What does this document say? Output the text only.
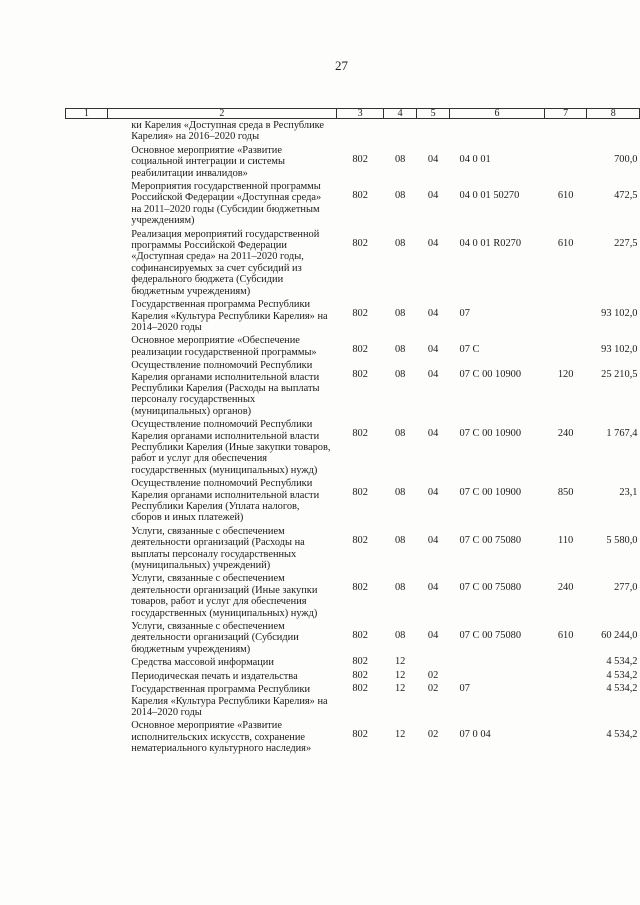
27
1	2	3	4	5	6	7	8
	ки Карелия «Доступная среда в Республике Карелия» на 2016–2020 годы						
	Основное мероприятие «Развитие социальной интеграции и системы реабилитации инвалидов»	802	08	04	04 0 01		700,0
	Мероприятия государственной программы Российской Федерации «Доступная среда» на 2011–2020 годы (Субсидии бюджетным учреждениям)	802	08	04	04 0 01 50270	610	472,5
	Реализация мероприятий государственной программы Российской Федерации «Доступная среда» на 2011–2020 годы, софинансируемых за счет субсидий из федерального бюджета (Субсидии бюджетным учреждениям)	802	08	04	04 0 01 R0270	610	227,5
	Государственная программа Республики Карелия «Культура Республики Карелия» на 2014–2020 годы	802	08	04	07		93 102,0
	Основное мероприятие «Обеспечение реализации государственной программы»	802	08	04	07 С		93 102,0
	Осуществление полномочий Республики Карелия органами исполнительной власти Республики Карелия (Расходы на выплаты персоналу государственных (муниципальных) органов)	802	08	04	07 С 00 10900	120	25 210,5
	Осуществление полномочий Республики Карелия органами исполнительной власти Республики Карелия (Иные закупки товаров, работ и услуг для обеспечения государственных (муниципальных) нужд)	802	08	04	07 С 00 10900	240	1 767,4
	Осуществление полномочий Республики Карелия органами исполнительной власти Республики Карелия (Уплата налогов, сборов и иных платежей)	802	08	04	07 С 00 10900	850	23,1
	Услуги, связанные с обеспечением деятельности организаций (Расходы на выплаты персоналу государственных (муниципальных) учреждений)	802	08	04	07 С 00 75080	110	5 580,0
	Услуги, связанные с обеспечением деятельности организаций (Иные закупки товаров, работ и услуг для обеспечения государственных (муниципальных) нужд)	802	08	04	07 С 00 75080	240	277,0
	Услуги, связанные с обеспечением деятельности организаций (Субсидии бюджетным учреждениям)	802	08	04	07 С 00 75080	610	60 244,0
	Средства массовой информации	802	12				4 534,2
	Периодическая печать и издательства	802	12	02			4 534,2
	Государственная программа Республики Карелия «Культура Республики Карелия» на 2014–2020 годы	802	12	02	07		4 534,2
	Основное мероприятие «Развитие исполнительских искусств, сохранение нематериального культурного наследия»	802	12	02	07 0 04		4 534,2
